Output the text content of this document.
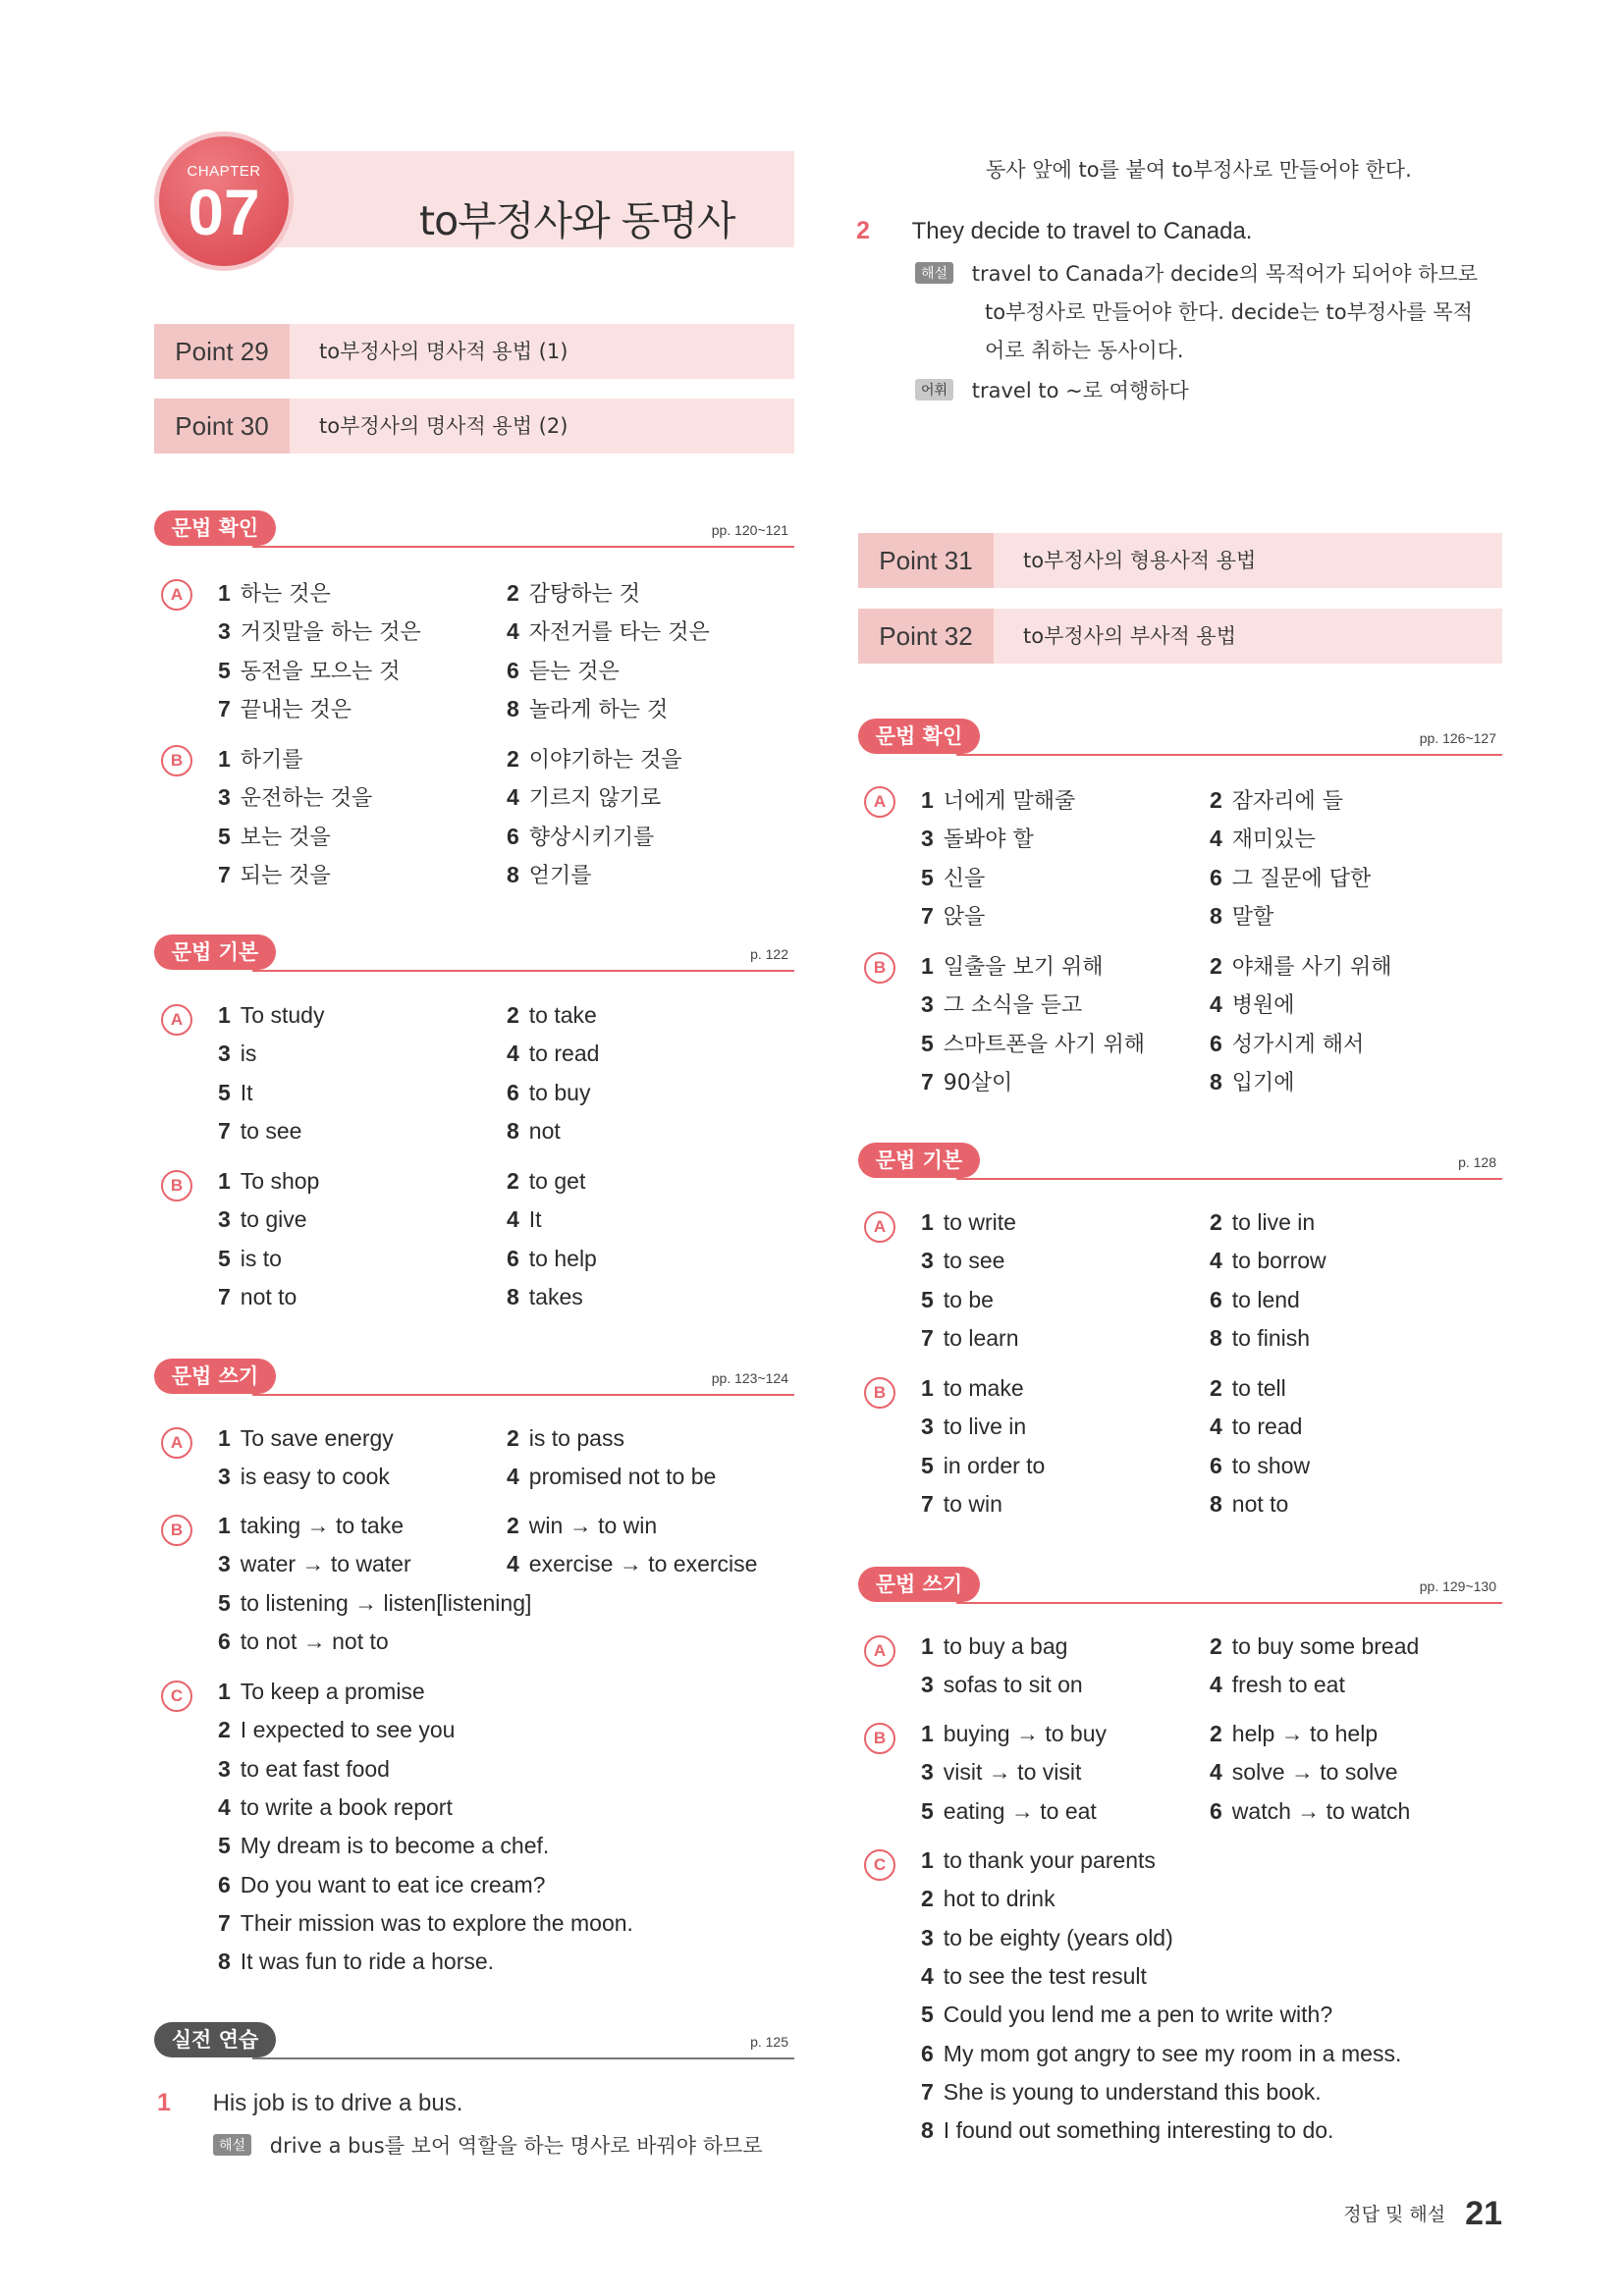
to부정사와 동명사
CHAPTER
07
Point 29	to부정사의 명사적 용법 (1)
Point 30	to부정사의 명사적 용법 (2)
동사 앞에 to를 붙여 to부정사로 만들어야 한다.
2 They decide to travel to Canada.
해설 travel to Canada가 decide의 목적어가 되어야 하므로
to부정사로 만들어야 한다. decide는 to부정사를 목적
어로 취하는 동사이다.
어휘 travel to ~로 여행하다
Point 31	to부정사의 형용사적 용법
Point 32	to부정사의 부사적 용법
문법 확인	pp. 120~121
A	1 하는 것은	2 감탕하는 것
3 거짓말을 하는 것은	4 자전거를 타는 것은
5 동전을 모으는 것	6 듣는 것은
7 끝내는 것은	8 놀라게 하는 것
B	1 하기를	2 이야기하는 것을
3 운전하는 것을	4 기르지 않기로
5 보는 것을	6 향상시키기를
7 되는 것을	8 얻기를
문법 기본	p. 122
A	1 To study	2 to take
3 is	4 to read
5 It	6 to buy
7 to see	8 not
B	1 To shop	2 to get
3 to give	4 It
5 is to	6 to help
7 not to	8 takes
문법 쓰기	pp. 123~124
A	1 To save energy	2 is to pass
3 is easy to cook	4 promised not to be
B	1 taking → to take	2 win → to win
3 water → to water	4 exercise → to exercise
5 to listening → listen[listening]
6 to not → not to
C	1 To keep a promise
2 I expected to see you
3 to eat fast food
4 to write a book report
5 My dream is to become a chef.
6 Do you want to eat ice cream?
7 Their mission was to explore the moon.
8 It was fun to ride a horse.
실전 연습	p. 125
문법 확인	pp. 126~127
A	1 너에게 말해줄	2 잠자리에 들
3 돌봐야 할	4 재미있는
5 신을	6 그 질문에 답한
7 앉을	8 말할
B	1 일출을 보기 위해	2 야채를 사기 위해
3 그 소식을 듣고	4 병원에
5 스마트폰을 사기 위해	6 성가시게 해서
7 90살이	8 입기에
문법 기본	p. 128
A	1 to write	2 to live in
3 to see	4 to borrow
5 to be	6 to lend
7 to learn	8 to finish
B	1 to make	2 to tell
3 to live in	4 to read
5 in order to	6 to show
7 to win	8 not to
문법 쓰기	pp. 129~130
A	1 to buy a bag	2 to buy some bread
3 sofas to sit on	4 fresh to eat
B	1 buying → to buy	2 help → to help
3 visit → to visit	4 solve → to solve
5 eating → to eat	6 watch → to watch
C	1 to thank your parents
2 hot to drink
3 to be eighty (years old)
4 to see the test result
5 Could you lend me a pen to write with?
6 My mom got angry to see my room in a mess.
7 She is young to understand this book.
8 I found out something interesting to do.
1 His job is to drive a bus.
해설 drive a bus를 보어 역할을 하는 명사로 바꿔야 하므로
정답 및 해설 21
